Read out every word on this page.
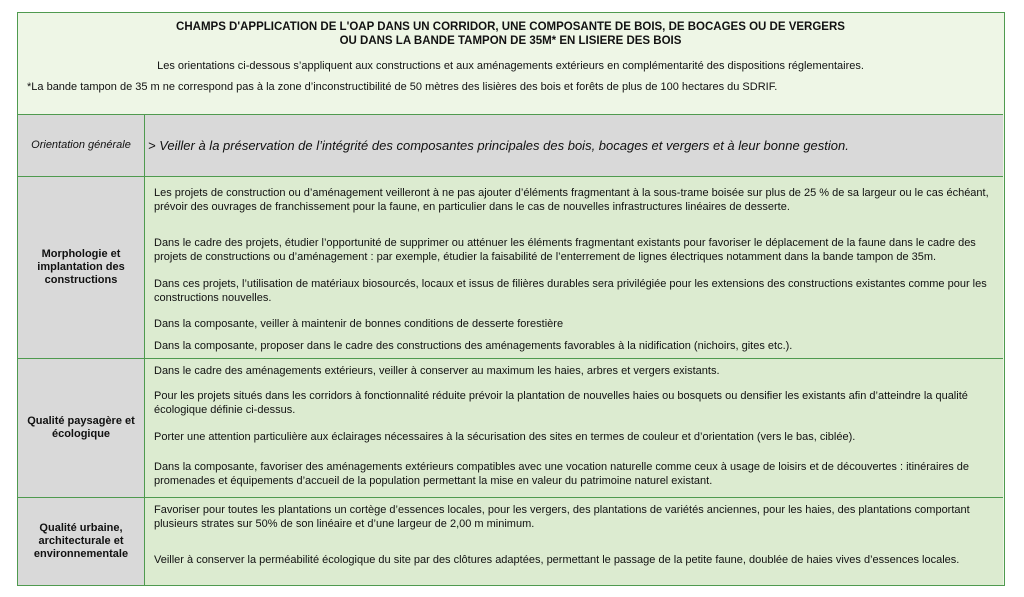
CHAMPS D'APPLICATION DE L'OAP DANS UN CORRIDOR, UNE COMPOSANTE DE BOIS, DE BOCAGES OU DE VERGERS
OU DANS LA BANDE TAMPON DE 35M* EN LISIERE DES BOIS
Les orientations ci-dessous s’appliquent aux constructions et aux aménagements extérieurs en complémentarité des dispositions réglementaires.
*La bande tampon de 35 m ne correspond pas à la zone d’inconstructibilité de 50 mètres des lisières des bois et forêts de plus de 100 hectares du SDRIF.
Orientation générale	> Veiller à la préservation de l’intégrité des composantes principales des bois, bocages et vergers et à leur bonne gestion.
Morphologie et implantation des constructions
Les projets de construction ou d’aménagement veilleront à ne pas ajouter d’éléments fragmentant à la sous-trame boisée sur plus de 25 % de sa largeur ou le cas échéant, prévoir des ouvrages de franchissement pour la faune, en particulier dans le cas de nouvelles infrastructures linéaires de desserte.
Dans le cadre des projets, étudier l’opportunité de supprimer ou atténuer les éléments fragmentant existants pour favoriser le déplacement de la faune dans le cadre des projets de constructions ou d’aménagement : par exemple, étudier la faisabilité de l’enterrement de lignes électriques notamment dans la bande tampon de 35m.
Dans ces projets, l’utilisation de matériaux biosourcés, locaux et issus de filières durables sera privilégiée pour les extensions des constructions existantes comme pour les constructions nouvelles.
Dans la composante, veiller à maintenir de bonnes conditions de desserte forestière
Dans la composante, proposer dans le cadre des constructions des aménagements favorables à la nidification (nichoirs, gites etc.).
Qualité paysagère et écologique
Dans le cadre des aménagements extérieurs, veiller à conserver au maximum les haies, arbres et vergers existants.
Pour les projets situés dans les corridors à fonctionnalité réduite prévoir la plantation de nouvelles haies ou bosquets ou densifier les existants afin d’atteindre la qualité écologique définie ci-dessus.
Porter une attention particulière aux éclairages nécessaires à la sécurisation des sites en termes de couleur et d’orientation (vers le bas, ciblée).
Dans la composante, favoriser des aménagements extérieurs compatibles avec une vocation naturelle comme ceux à usage de loisirs et de découvertes : itinéraires de promenades et équipements d’accueil de la population permettant la mise en valeur du patrimoine naturel existant.
Qualité urbaine, architecturale et environnementale
Favoriser pour toutes les plantations un cortège d’essences locales, pour les vergers, des plantations de variétés anciennes, pour les haies, des plantations comportant plusieurs strates sur 50% de son linéaire et d’une largeur de 2,00 m minimum.
Veiller à conserver la perméabilité écologique du site par des clôtures adaptées, permettant le passage de la petite faune, doublée de haies vives d’essences locales.
